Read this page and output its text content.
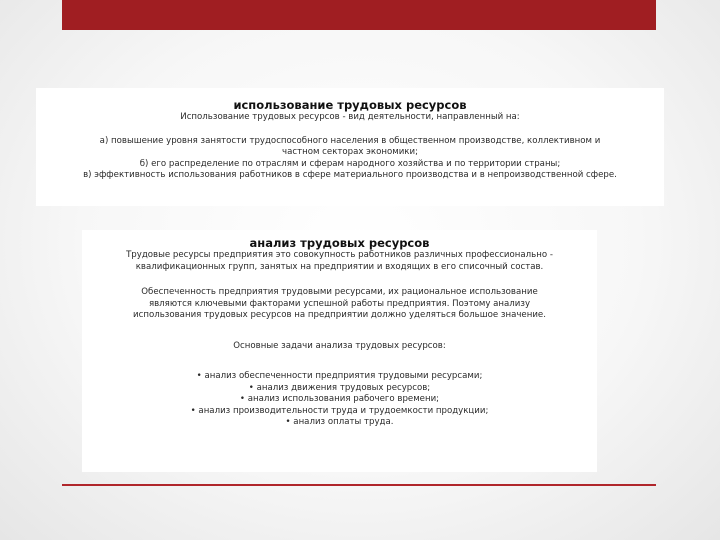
использование трудовых ресурсов

Использование трудовых ресурсов - вид деятельности, направленный на:

а) повышение уровня занятости трудоспособного населения в общественном производстве, коллективном и

частном секторах экономики;

б) его распределение по отраслям и сферам народного хозяйства и по территории страны;

в) эффективность использования работников в сфере материального производства и в непроизводственной сфере.

анализ трудовых ресурсов

Трудовые ресурсы предприятия это совокупность работников различных профессионально -

квалификационных групп, занятых на предприятии и входящих в его списочный состав.

Обеспеченность предприятия трудовыми ресурсами, их рациональное использование

являются ключевыми факторами успешной работы предприятия. Поэтому анализу

использования трудовых ресурсов на предприятии должно уделяться большое значение.

Основные задачи анализа трудовых ресурсов:

• анализ обеспеченности предприятия трудовыми ресурсами;

• анализ движения трудовых ресурсов;

• анализ использования рабочего времени;

• анализ производительности труда и трудоемкости продукции;

• анализ оплаты труда.
